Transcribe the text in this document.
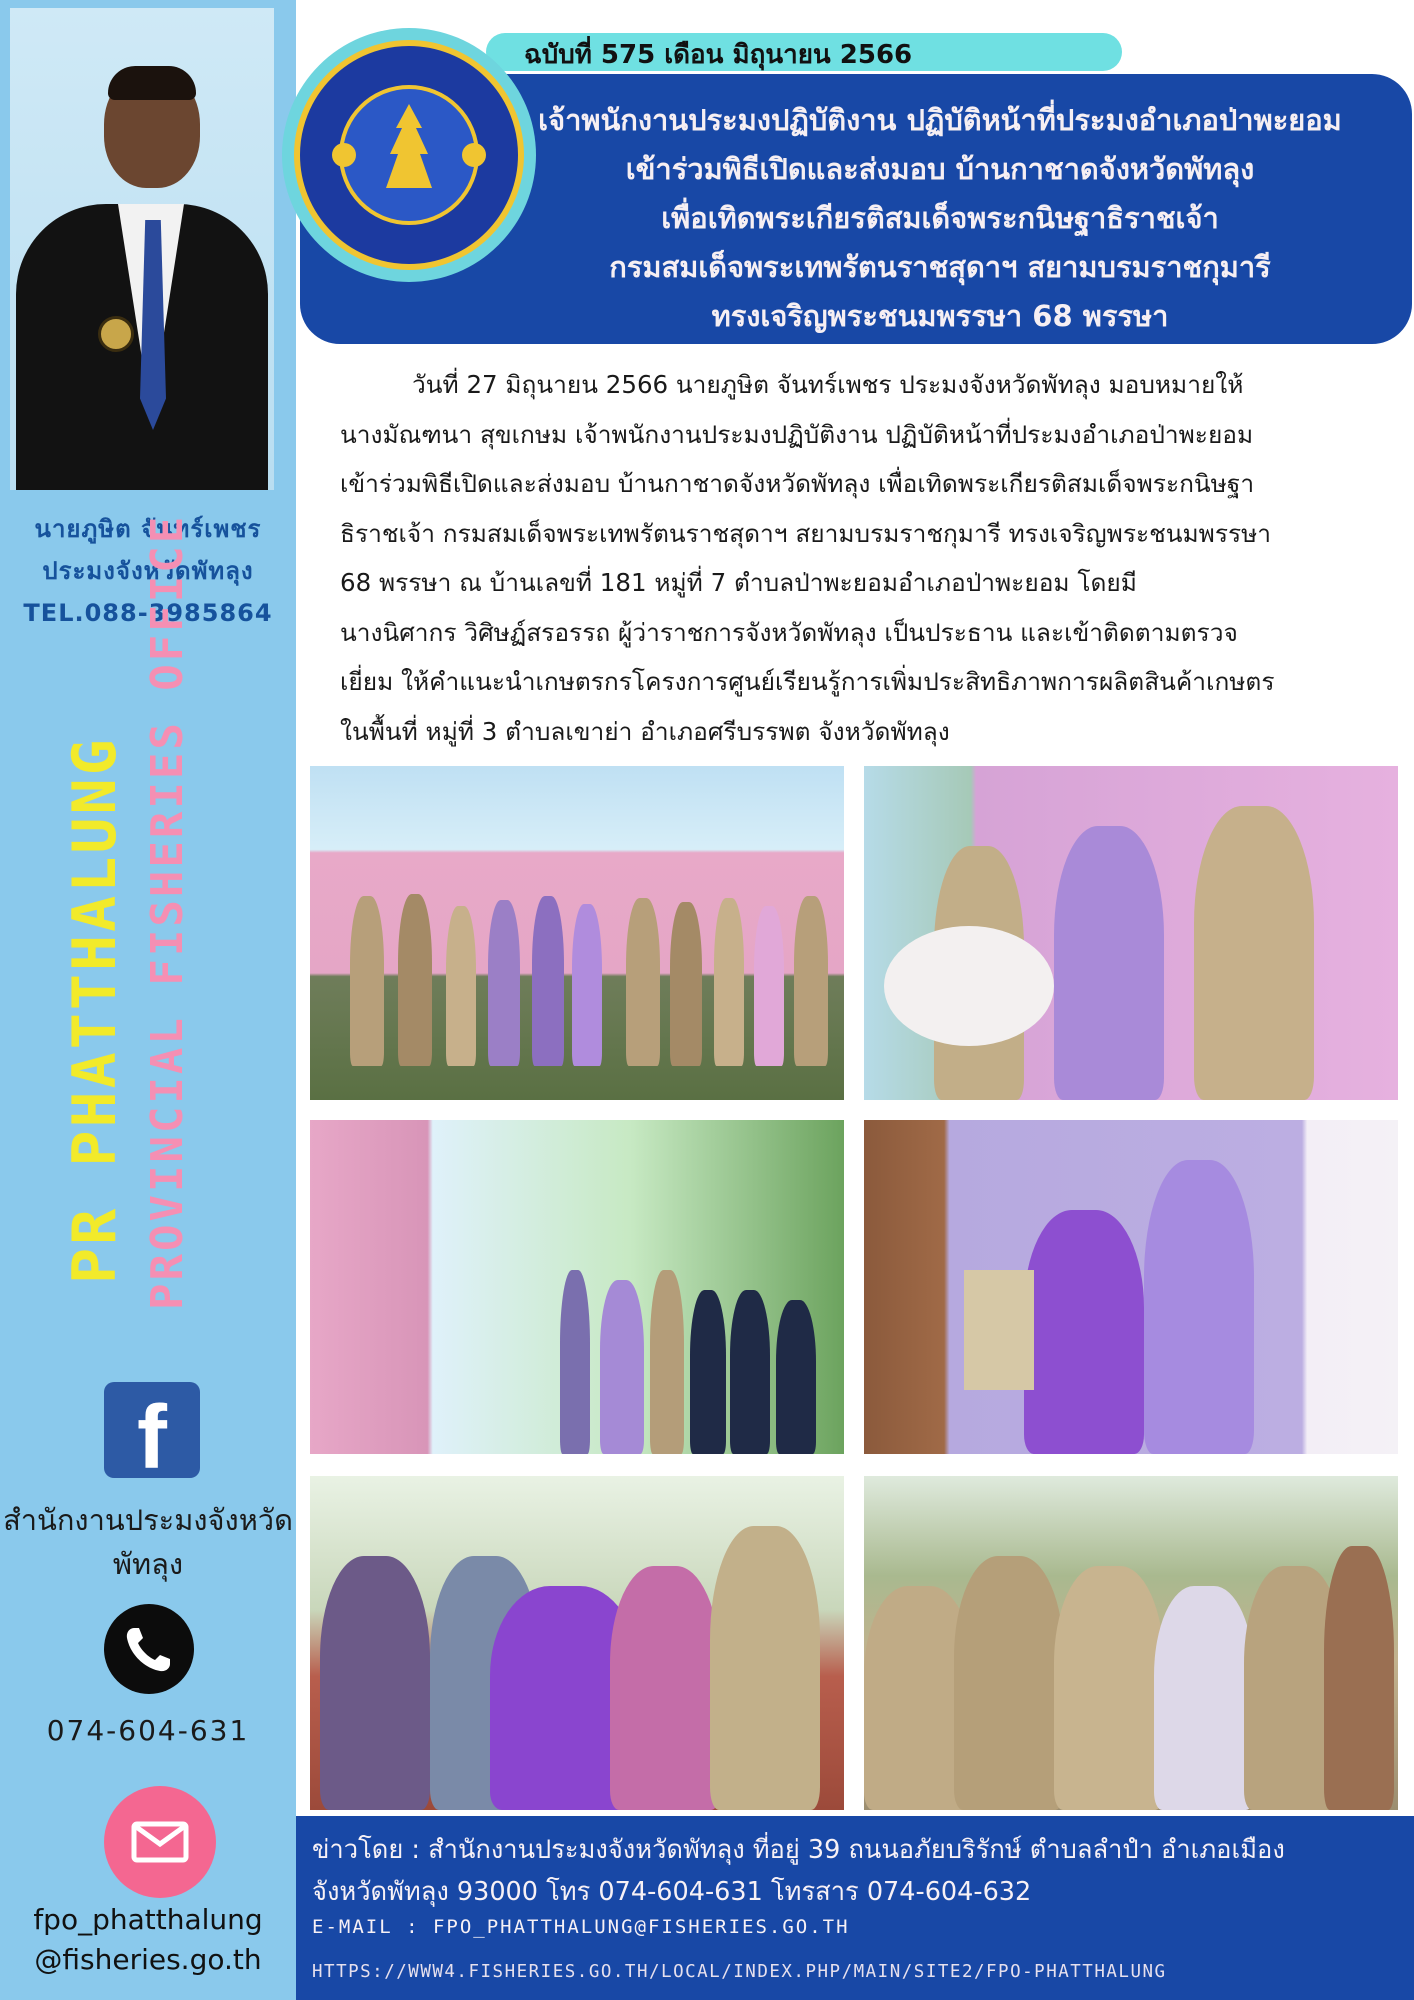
นายภูษิต จันทร์เพชร
ประมงจังหวัดพัทลุง
TEL.088-3985864
PR PHATTHALUNG PROVINCIAL FISHERIES OFFICE
f
สำนักงานประมงจังหวัด
พัทลุง
074-604-631
fpo_phatthalung
@fisheries.go.th
ฉบับที่ 575 เดือน มิถุนายน 2566
เจ้าพนักงานประมงปฏิบัติงาน ปฏิบัติหน้าที่ประมงอำเภอป่าพะยอม
เข้าร่วมพิธีเปิดและส่งมอบ บ้านกาชาดจังหวัดพัทลุง
เพื่อเทิดพระเกียรติสมเด็จพระกนิษฐาธิราชเจ้า
กรมสมเด็จพระเทพรัตนราชสุดาฯ สยามบรมราชกุมารี
ทรงเจริญพระชนมพรรษา 68 พรรษา

วันที่ 27 มิถุนายน 2566 นายภูษิต จันทร์เพชร ประมงจังหวัดพัทลุง มอบหมายให้

นางมัณฑนา สุขเกษม เจ้าพนักงานประมงปฏิบัติงาน ปฏิบัติหน้าที่ประมงอำเภอป่าพะยอม

เข้าร่วมพิธีเปิดและส่งมอบ บ้านกาชาดจังหวัดพัทลุง เพื่อเทิดพระเกียรติสมเด็จพระกนิษฐา

ธิราชเจ้า กรมสมเด็จพระเทพรัตนราชสุดาฯ สยามบรมราชกุมารี ทรงเจริญพระชนมพรรษา

68 พรรษา ณ บ้านเลขที่ 181 หมู่ที่ 7 ตำบลป่าพะยอมอำเภอป่าพะยอม โดยมี

นางนิศากร วิศิษฏ์สรอรรถ ผู้ว่าราชการจังหวัดพัทลุง เป็นประธาน และเข้าติดตามตรวจ

เยี่ยม ให้คำแนะนำเกษตรกรโครงการศูนย์เรียนรู้การเพิ่มประสิทธิภาพการผลิตสินค้าเกษตร

ในพื้นที่ หมู่ที่ 3 ตำบลเขาย่า อำเภอศรีบรรพต จังหวัดพัทลุง

ข่าวโดย : สำนักงานประมงจังหวัดพัทลุง ที่อยู่ 39 ถนนอภัยบริรักษ์ ตำบลลำปำ อำเภอเมือง
จังหวัดพัทลุง 93000 โทร 074-604-631 โทรสาร 074-604-632
E-MAIL : FPO_PHATTHALUNG@FISHERIES.GO.TH
HTTPS://WWW4.FISHERIES.GO.TH/LOCAL/INDEX.PHP/MAIN/SITE2/FPO-PHATTHALUNG
